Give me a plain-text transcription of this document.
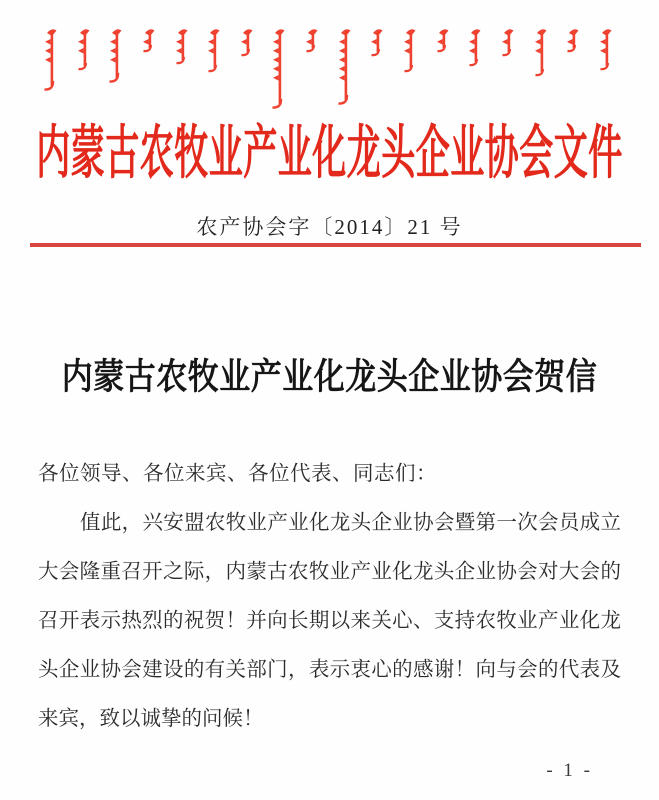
内蒙古农牧业产业化龙头企业协会文件
农产协会字〔2014〕21 号
内蒙古农牧业产业化龙头企业协会贺信
各位领导、各位来宾、各位代表、同志们：
值此，兴安盟农牧业产业化龙头企业协会暨第一次会员成立
大会隆重召开之际，内蒙古农牧业产业化龙头企业协会对大会的
召开表示热烈的祝贺！并向长期以来关心、支持农牧业产业化龙
头企业协会建设的有关部门，表示衷心的感谢！向与会的代表及
来宾，致以诚挚的问候！
- 1 -
